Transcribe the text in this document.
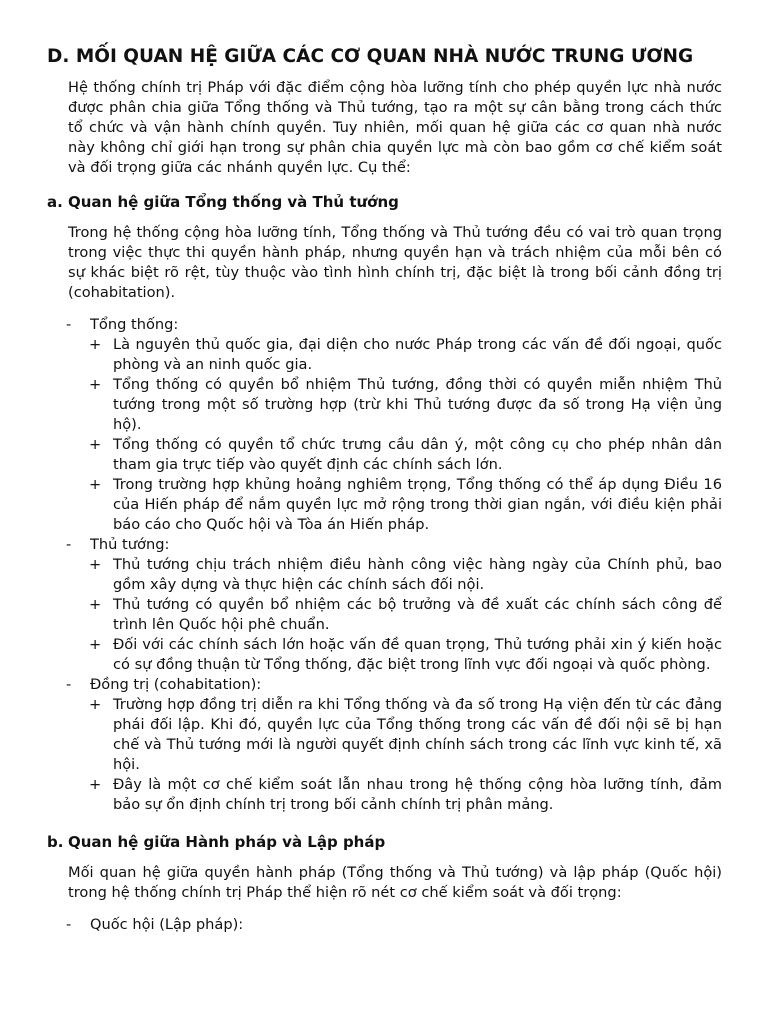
D. MỐI QUAN HỆ GIỮA CÁC CƠ QUAN NHÀ NƯỚC TRUNG ƯƠNG

Hệ thống chính trị Pháp với đặc điểm cộng hòa lưỡng tính cho phép quyền lực nhà nước được phân chia giữa Tổng thống và Thủ tướng, tạo ra một sự cân bằng trong cách thức tổ chức và vận hành chính quyền. Tuy nhiên, mối quan hệ giữa các cơ quan nhà nước này không chỉ giới hạn trong sự phân chia quyền lực mà còn bao gồm cơ chế kiểm soát và đối trọng giữa các nhánh quyền lực. Cụ thể:

a. Quan hệ giữa Tổng thống và Thủ tướng

Trong hệ thống cộng hòa lưỡng tính, Tổng thống và Thủ tướng đều có vai trò quan trọng trong việc thực thi quyền hành pháp, nhưng quyền hạn và trách nhiệm của mỗi bên có sự khác biệt rõ rệt, tùy thuộc vào tình hình chính trị, đặc biệt là trong bối cảnh đồng trị (cohabitation).

-	Tổng thống:
+ Là nguyên thủ quốc gia, đại diện cho nước Pháp trong các vấn đề đối ngoại, quốc phòng và an ninh quốc gia.
+ Tổng thống có quyền bổ nhiệm Thủ tướng, đồng thời có quyền miễn nhiệm Thủ tướng trong một số trường hợp (trừ khi Thủ tướng được đa số trong Hạ viện ủng hộ).
+ Tổng thống có quyền tổ chức trưng cầu dân ý, một công cụ cho phép nhân dân tham gia trực tiếp vào quyết định các chính sách lớn.
+ Trong trường hợp khủng hoảng nghiêm trọng, Tổng thống có thể áp dụng Điều 16 của Hiến pháp để nắm quyền lực mở rộng trong thời gian ngắn, với điều kiện phải báo cáo cho Quốc hội và Tòa án Hiến pháp.
-	Thủ tướng:
+ Thủ tướng chịu trách nhiệm điều hành công việc hàng ngày của Chính phủ, bao gồm xây dựng và thực hiện các chính sách đối nội.
+ Thủ tướng có quyền bổ nhiệm các bộ trưởng và đề xuất các chính sách công để trình lên Quốc hội phê chuẩn.
+ Đối với các chính sách lớn hoặc vấn đề quan trọng, Thủ tướng phải xin ý kiến hoặc có sự đồng thuận từ Tổng thống, đặc biệt trong lĩnh vực đối ngoại và quốc phòng.
-	Đồng trị (cohabitation):
+ Trường hợp đồng trị diễn ra khi Tổng thống và đa số trong Hạ viện đến từ các đảng phái đối lập. Khi đó, quyền lực của Tổng thống trong các vấn đề đối nội sẽ bị hạn chế và Thủ tướng mới là người quyết định chính sách trong các lĩnh vực kinh tế, xã hội.
+ Đây là một cơ chế kiểm soát lẫn nhau trong hệ thống cộng hòa lưỡng tính, đảm bảo sự ổn định chính trị trong bối cảnh chính trị phân mảng.
b. Quan hệ giữa Hành pháp và Lập pháp

Mối quan hệ giữa quyền hành pháp (Tổng thống và Thủ tướng) và lập pháp (Quốc hội) trong hệ thống chính trị Pháp thể hiện rõ nét cơ chế kiểm soát và đối trọng:

-	Quốc hội (Lập pháp):
